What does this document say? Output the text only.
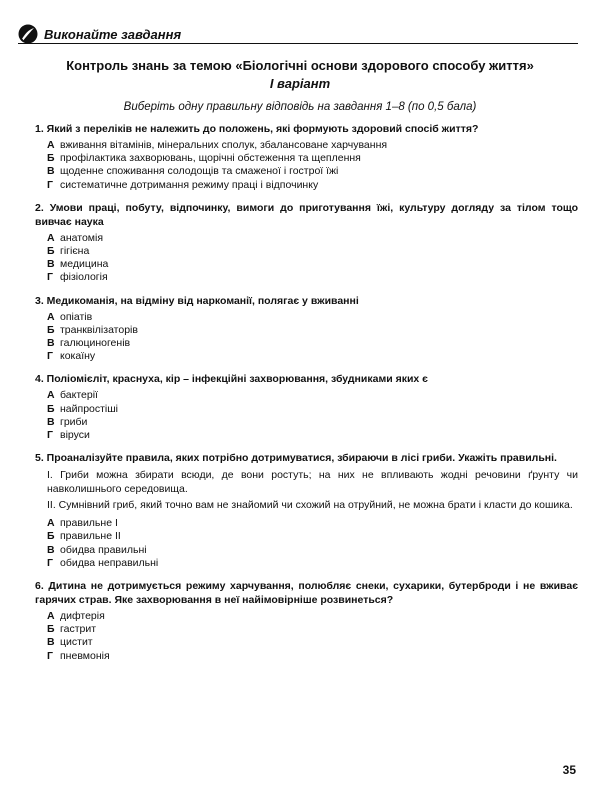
Виконайте завдання
Контроль знань за темою «Біологічні основи здорового способу життя»
І варіант
Виберіть одну правильну відповідь на завдання 1–8 (по 0,5 бала)
1. Який з переліків не належить до положень, які формують здоровий спосіб життя?
А вживання вітамінів, мінеральних сполук, збалансоване харчування
Б профілактика захворювань, щорічні обстеження та щеплення
В щоденне споживання солодощів та смаженої і гострої їжі
Г систематичне дотримання режиму праці і відпочинку
2. Умови праці, побуту, відпочинку, вимоги до приготування їжі, культуру догляду за тілом тощо вивчає наука
А анатомія
Б гігієна
В медицина
Г фізіологія
3. Медикоманія, на відміну від наркоманії, полягає у вживанні
А опіатів
Б транквілізаторів
В галюциногенів
Г кокаїну
4. Поліомієліт, краснуха, кір – інфекційні захворювання, збудниками яких є
А бактерії
Б найпростіші
В гриби
Г віруси
5. Проаналізуйте правила, яких потрібно дотримуватися, збираючи в лісі гриби. Укажіть правильні.
І. Гриби можна збирати всюди, де вони ростуть; на них не впливають жодні речовини ґрунту чи навколишнього середовища.
ІІ. Сумнівний гриб, який точно вам не знайомий чи схожий на отруйний, не можна брати і класти до кошика.
А правильне І
Б правильне ІІ
В обидва правильні
Г обидва неправильні
6. Дитина не дотримується режиму харчування, полюбляє снеки, сухарики, бутерброди і не вживає гарячих страв. Яке захворювання в неї найімовірніше розвинеться?
А дифтерія
Б гастрит
В цистит
Г пневмонія
35
